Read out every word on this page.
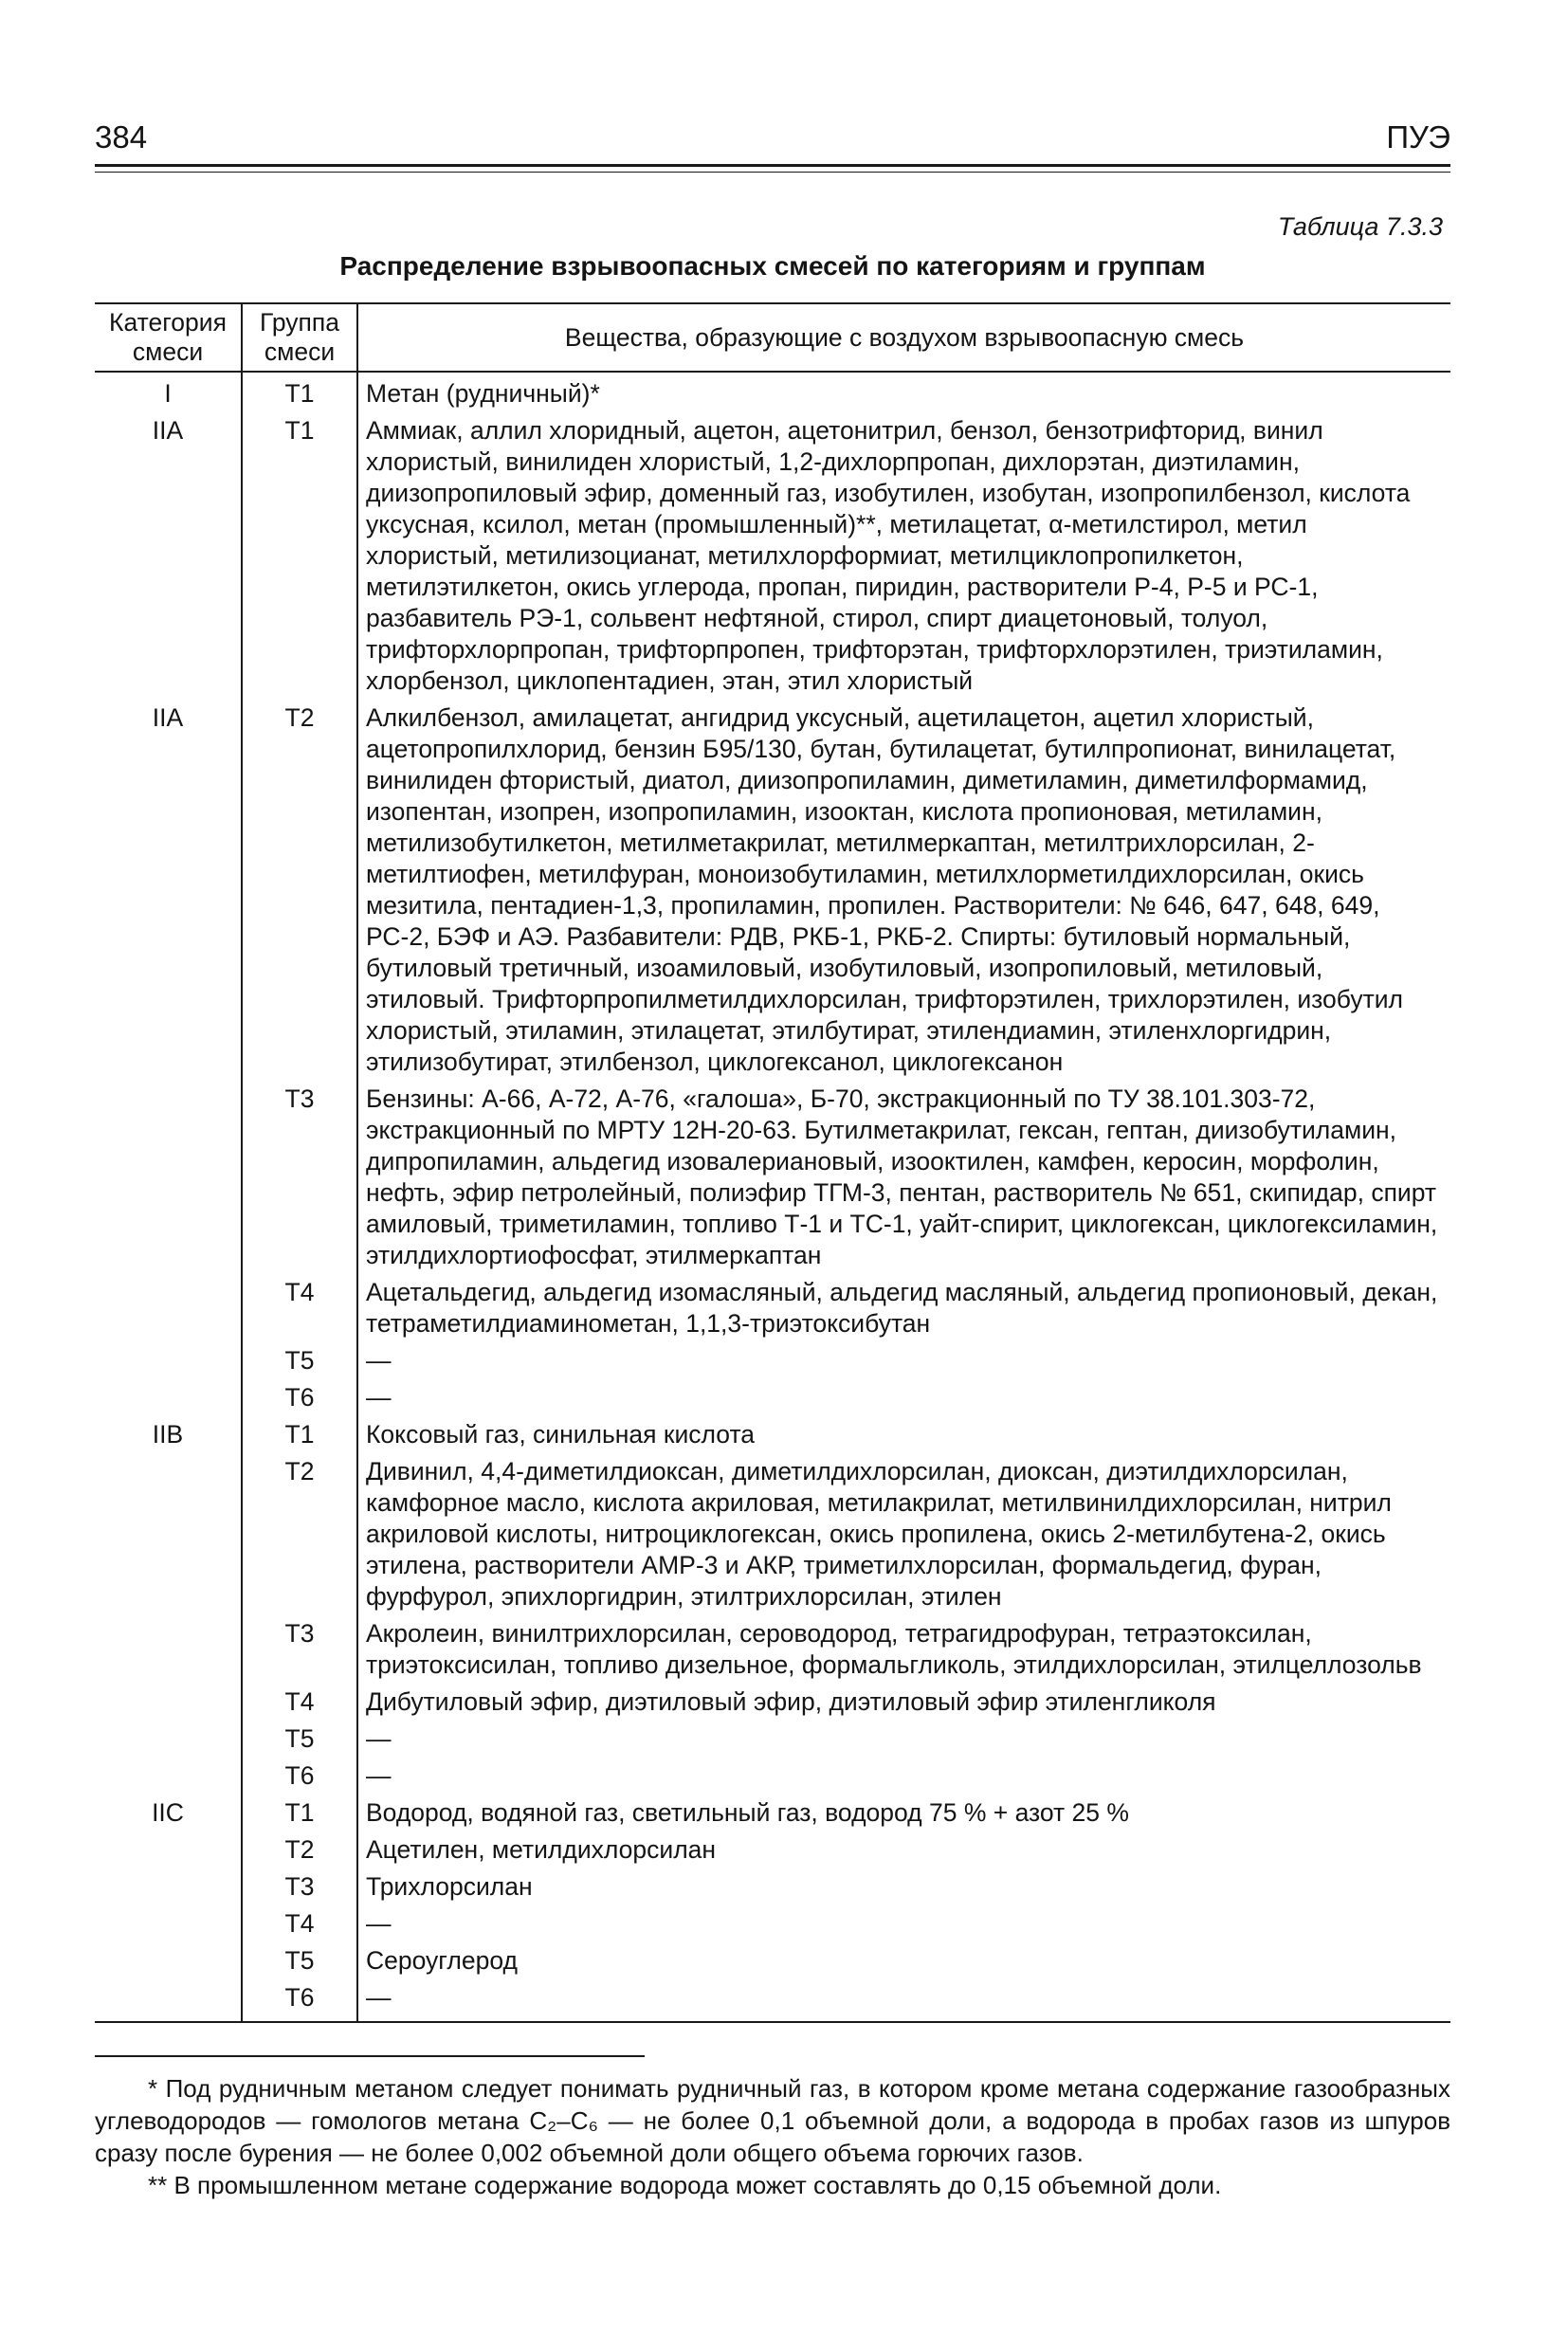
384	ПУЭ
Таблица 7.3.3
Распределение взрывоопасных смесей по категориям и группам
Категория смеси	Группа смеси	Вещества, образующие с воздухом взрывоопасную смесь
I	Т1	Метан (рудничный)*
IIA	Т1	Аммиак, аллил хлоридный, ацетон, ацетонитрил, бензол, бензотрифторид, винил хлористый, винилиден хлористый, 1,2-дихлорпропан, дихлорэтан, диэтиламин, диизопропиловый эфир, доменный газ, изобутилен, изобутан, изопропилбензол, кислота уксусная, ксилол, метан (промышленный)**, метилацетат, α-метилстирол, метил хлористый, метилизоцианат, метилхлорформиат, метилциклопропилкетон, метилэтилкетон, окись углерода, пропан, пиридин, растворители Р-4, Р-5 и РС-1, разбавитель РЭ-1, сольвент нефтяной, стирол, спирт диацетоновый, толуол, трифторхлорпропан, трифторпропен, трифторэтан, трифторхлорэтилен, триэтиламин, хлорбензол, циклопентадиен, этан, этил хлористый
IIA	Т2	Алкилбензол, амилацетат, ангидрид уксусный, ацетилацетон, ацетил хлористый, ацетопропилхлорид, бензин Б95/130, бутан, бутилацетат, бутилпропионат, винилацетат, винилиден фтористый, диатол, диизопропиламин, диметиламин, диметилформамид, изопентан, изопрен, изопропиламин, изооктан, кислота пропионовая, метиламин, метилизобутилкетон, метилметакрилат, метилмеркаптан, метилтрихлорсилан, 2-метилтиофен, метилфуран, моноизобутиламин, метилхлорметилдихлорсилан, окись мезитила, пентадиен-1,3, пропиламин, пропилен. Растворители: № 646, 647, 648, 649, РС-2, БЭФ и АЭ. Разбавители: РДВ, РКБ-1, РКБ-2. Спирты: бутиловый нормальный, бутиловый третичный, изоамиловый, изобутиловый, изопропиловый, метиловый, этиловый. Трифторпропилметилдихлорсилан, трифторэтилен, трихлорэтилен, изобутил хлористый, этиламин, этилацетат, этилбутират, этилендиамин, этиленхлоргидрин, этилизобутират, этилбензол, циклогексанол, циклогексанон
	Т3	Бензины: А-66, А-72, А-76, «галоша», Б-70, экстракционный по ТУ 38.101.303-72, экстракционный по МРТУ 12Н-20-63. Бутилметакрилат, гексан, гептан, диизобутиламин, дипропиламин, альдегид изовалериановый, изооктилен, камфен, керосин, морфолин, нефть, эфир петролейный, полиэфир ТГМ-3, пентан, растворитель № 651, скипидар, спирт амиловый, триметиламин, топливо Т-1 и ТС-1, уайт-спирит, циклогексан, циклогексиламин, этилдихлортиофосфат, этилмеркаптан
	Т4	Ацетальдегид, альдегид изомасляный, альдегид масляный, альдегид пропионовый, декан, тетраметилдиаминометан, 1,1,3-триэтоксибутан
	Т5	—
	Т6	—
IIB	Т1	Коксовый газ, синильная кислота
	Т2	Дивинил, 4,4-диметилдиоксан, диметилдихлорсилан, диоксан, диэтилдихлорсилан, камфорное масло, кислота акриловая, метилакрилат, метилвинилдихлорсилан, нитрил акриловой кислоты, нитроциклогексан, окись пропилена, окись 2-метилбутена-2, окись этилена, растворители АМР-3 и АКР, триметилхлорсилан, формальдегид, фуран, фурфурол, эпихлоргидрин, этилтрихлорсилан, этилен
	Т3	Акролеин, винилтрихлорсилан, сероводород, тетрагидрофуран, тетраэтоксилан, триэтоксисилан, топливо дизельное, формальгликоль, этилдихлорсилан, этилцеллозольв
	Т4	Дибутиловый эфир, диэтиловый эфир, диэтиловый эфир этиленгликоля
	Т5	—
	Т6	—
IIC	Т1	Водород, водяной газ, светильный газ, водород 75 % + азот 25 %
	Т2	Ацетилен, метилдихлорсилан
	Т3	Трихлорсилан
	Т4	—
	Т5	Сероуглерод
	Т6	—

* Под рудничным метаном следует понимать рудничный газ, в котором кроме метана содержание газообразных углеводородов — гомологов метана С₂–С₆ — не более 0,1 объемной доли, а водорода в пробах газов из шпуров сразу после бурения — не более 0,002 объемной доли общего объема горючих газов.

** В промышленном метане содержание водорода может составлять до 0,15 объемной доли.
